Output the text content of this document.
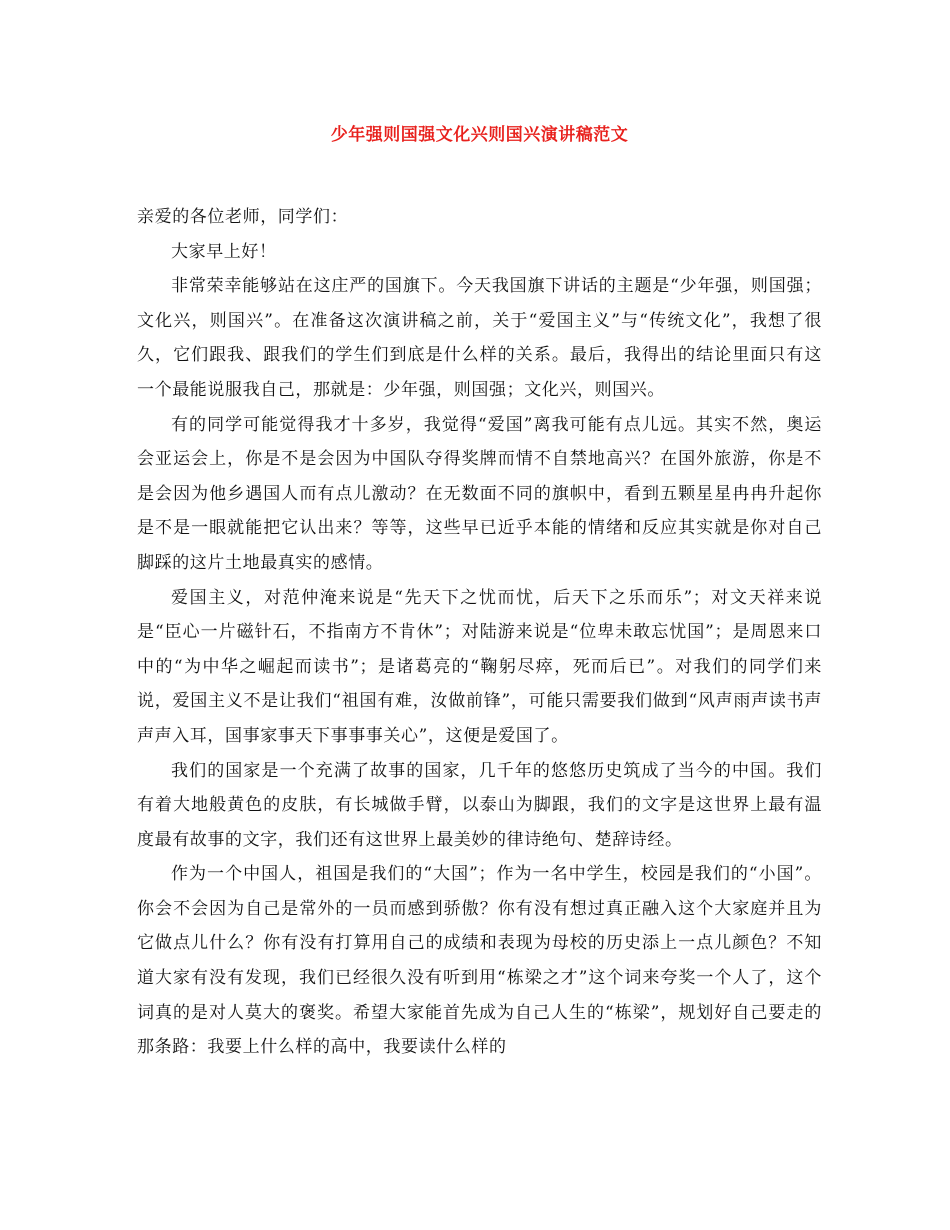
少年强则国强文化兴则国兴演讲稿范文

亲爱的各位老师，同学们：

大家早上好！

非常荣幸能够站在这庄严的国旗下。今天我国旗下讲话的主题是“少年强，则国强；文化兴，则国兴”。在准备这次演讲稿之前，关于“爱国主义”与“传统文化”，我想了很久，它们跟我、跟我们的学生们到底是什么样的关系。最后，我得出的结论里面只有这一个最能说服我自己，那就是：少年强，则国强；文化兴，则国兴。

有的同学可能觉得我才十多岁，我觉得“爱国”离我可能有点儿远。其实不然，奥运会亚运会上，你是不是会因为中国队夺得奖牌而情不自禁地高兴？在国外旅游，你是不是会因为他乡遇国人而有点儿激动？在无数面不同的旗帜中，看到五颗星星冉冉升起你是不是一眼就能把它认出来？等等，这些早已近乎本能的情绪和反应其实就是你对自己脚踩的这片土地最真实的感情。

爱国主义，对范仲淹来说是“先天下之忧而忧，后天下之乐而乐”；对文天祥来说是“臣心一片磁针石，不指南方不肯休”；对陆游来说是“位卑未敢忘忧国”；是周恩来口中的“为中华之崛起而读书”；是诸葛亮的“鞠躬尽瘁，死而后已”。对我们的同学们来说，爱国主义不是让我们“祖国有难，汝做前锋”，可能只需要我们做到“风声雨声读书声声声入耳，国事家事天下事事事关心”，这便是爱国了。

我们的国家是一个充满了故事的国家，几千年的悠悠历史筑成了当今的中国。我们有着大地般黄色的皮肤，有长城做手臂，以泰山为脚跟，我们的文字是这世界上最有温度最有故事的文字，我们还有这世界上最美妙的律诗绝句、楚辞诗经。

作为一个中国人，祖国是我们的“大国”；作为一名中学生，校园是我们的“小国”。你会不会因为自己是常外的一员而感到骄傲？你有没有想过真正融入这个大家庭并且为它做点儿什么？你有没有打算用自己的成绩和表现为母校的历史添上一点儿颜色？不知道大家有没有发现，我们已经很久没有听到用“栋梁之才”这个词来夸奖一个人了，这个词真的是对人莫大的褒奖。希望大家能首先成为自己人生的“栋梁”，规划好自己要走的那条路：我要上什么样的高中，我要读什么样的
